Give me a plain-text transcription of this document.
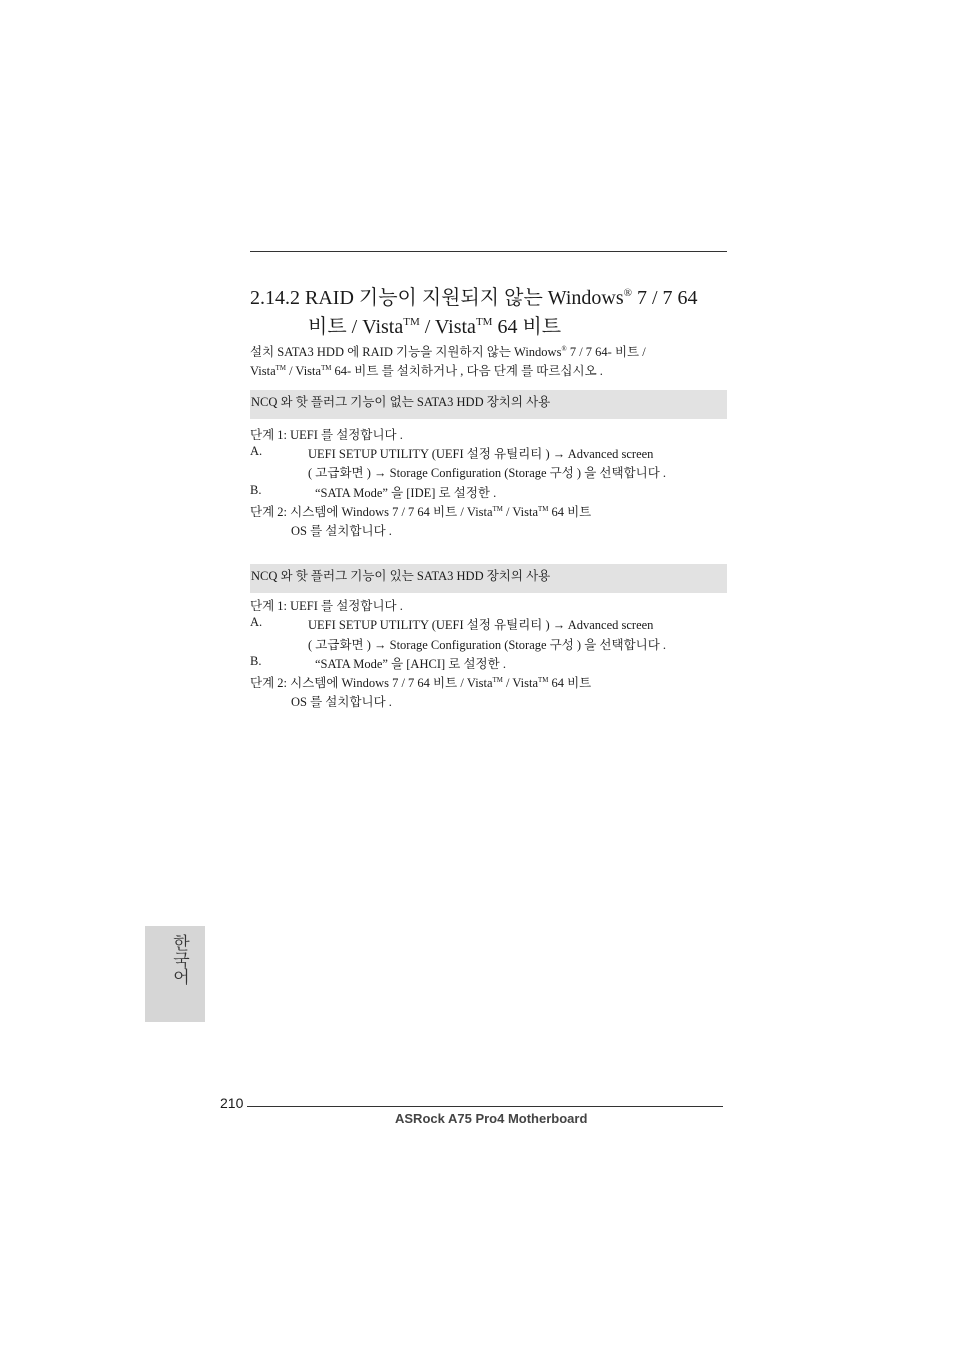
2.14.2 RAID 기능이 지원되지 않는 Windows® 7 / 7 64
비트 / Vista™ / Vista™ 64 비트
설치 SATA3 HDD 에 RAID 기능을 지원하지 않는 Windows® 7 / 7 64- 비트 /
Vista™ / Vista™ 64- 비트 를 설치하거나 , 다음 단계 를 따르십시오 .
NCQ 와 핫 플러그 기능이 없는 SATA3 HDD 장치의 사용
단계 1: UEFI 를 설정합니다 .
A.	UEFI SETUP UTILITY (UEFI 설정 유틸리티 ) → Advanced screen
( 고급화면 ) → Storage Configuration (Storage 구성 ) 을 선택합니다 .
B.	“SATA Mode” 을 [IDE] 로 설정한 .
단계 2: 시스템에 Windows 7 / 7 64 비트 / Vista™ / Vista™ 64 비트
OS 를 설치합니다 .
NCQ 와 핫 플러그 기능이 있는 SATA3 HDD 장치의 사용
단계 1: UEFI 를 설정합니다 .
A.	UEFI SETUP UTILITY (UEFI 설정 유틸리티 ) → Advanced screen
( 고급화면 ) → Storage Configuration (Storage 구성 ) 을 선택합니다 .
B.	“SATA Mode” 을 [AHCI] 로 설정한 .
단계 2: 시스템에 Windows 7 / 7 64 비트 / Vista™ / Vista™ 64 비트
OS 를 설치합니다 .
한국어
210
ASRock A75 Pro4 Motherboard
